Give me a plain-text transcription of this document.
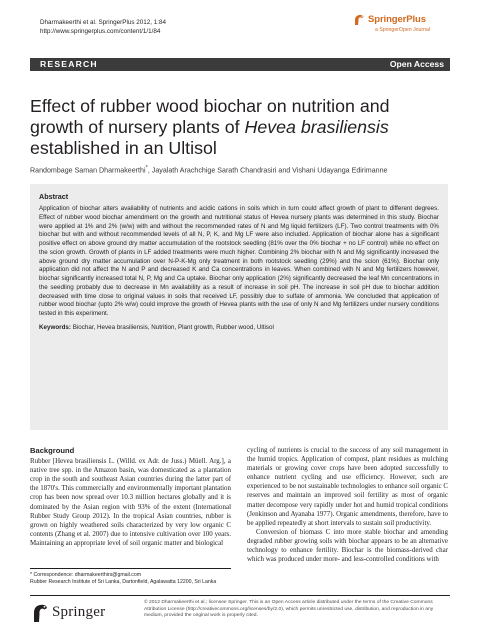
Dharmakeerthi et al. SpringerPlus 2012, 1:84
http://www.springerplus.com/content/1/1/84
SpringerPlus
a SpringerOpen Journal
RESEARCH	Open Access
Effect of rubber wood biochar on nutrition and
growth of nursery plants of Hevea brasiliensis
established in an Ultisol
Randombage Saman Dharmakeerthi*, Jayalath Arachchige Sarath Chandrasiri and Vishani Udayanga Edirimanne
Abstract

Application of biochar alters availability of nutrients and acidic cations in soils which in turn could affect growth of plant to different degrees. Effect of rubber wood biochar amendment on the growth and nutritional status of Hevea nursery plants was determined in this study. Biochar were applied at 1% and 2% (w/w) with and without the recommended rates of N and Mg liquid fertilizers (LF). Two control treatments with 0% biochar but with and without recommended levels of all N, P, K, and Mg LF were also included. Application of biochar alone has a significant positive effect on above ground dry matter accumulation of the rootstock seedling (81% over the 0% biochar + no LF control) while no effect on the scion growth. Growth of plants in LF added treatments were much higher. Combining 2% biochar with N and Mg significantly increased the above ground dry matter accumulation over N-P-K-Mg only treatment in both rootstock seedling (29%) and the scion (61%). Biochar only application did not affect the N and P and decreased K and Ca concentrations in leaves. When combined with N and Mg fertilizers however, biochar significantly increased total N, P, Mg and Ca uptake. Biochar only application (2%) significantly decreased the leaf Mn concentrations in the seedling probably due to decrease in Mn availability as a result of increase in soil pH. The increase in soil pH due to biochar addition decreased with time close to original values in soils that received LF, possibly due to sulfate of ammonia. We concluded that application of rubber wood biochar (upto 2% w/w) could improve the growth of Hevea plants with the use of only N and Mg fertilizers under nursery conditions tested in this experiment.

Keywords: Biochar, Hevea brasiliensis, Nutrition, Plant growth, Rubber wood, Ultisol
Background

Rubber [Hevea brasiliensis L. (Willd. ex Adr. de Juss.) Müell. Arg.], a native tree spp. in the Amazon basin, was domesticated as a plantation crop in the south and southeast Asian countries during the latter part of the 1870's. This commercially and environmentally important plantation crop has been now spread over 10.3 million hectares globally and it is dominated by the Asian region with 93% of the extent (International Rubber Study Group 2012). In the tropical Asian countries, rubber is grown on highly weathered soils characterized by very low organic C contents (Zhang et al. 2007) due to intensive cultivation over 100 years. Maintaining an appropriate level of soil organic matter and biological

cycling of nutrients is crucial to the success of any soil management in the humid tropics. Application of compost, plant residues as mulching materials or growing cover crops have been adopted successfully to enhance nutrient cycling and use efficiency. However, such are experienced to be not sustainable technologies to enhance soil organic C reserves and maintain an improved soil fertility as most of organic matter decompose very rapidly under hot and humid tropical conditions (Jenkinson and Ayanaba 1977). Organic amendments, therefore, have to be applied repeatedly at short intervals to sustain soil productivity.

Conversion of biomass C into more stable biochar and amending degraded rubber growing soils with biochar appears to be an alternative technology to enhance fertility. Biochar is the biomass-derived char which was produced under more- and less-controlled conditions with

* Correspondence: dharmakeerthirs@gmail.com
Rubber Research Institute of Sri Lanka, Dartonfield, Agalawatta 12200, Sri Lanka
Springer
© 2012 Dharmakeerthi et al.; licensee Springer. This is an Open Access article distributed under the terms of the Creative Commons Attribution License (http://creativecommons.org/licenses/by/2.0), which permits unrestricted use, distribution, and reproduction in any medium, provided the original work is properly cited.
